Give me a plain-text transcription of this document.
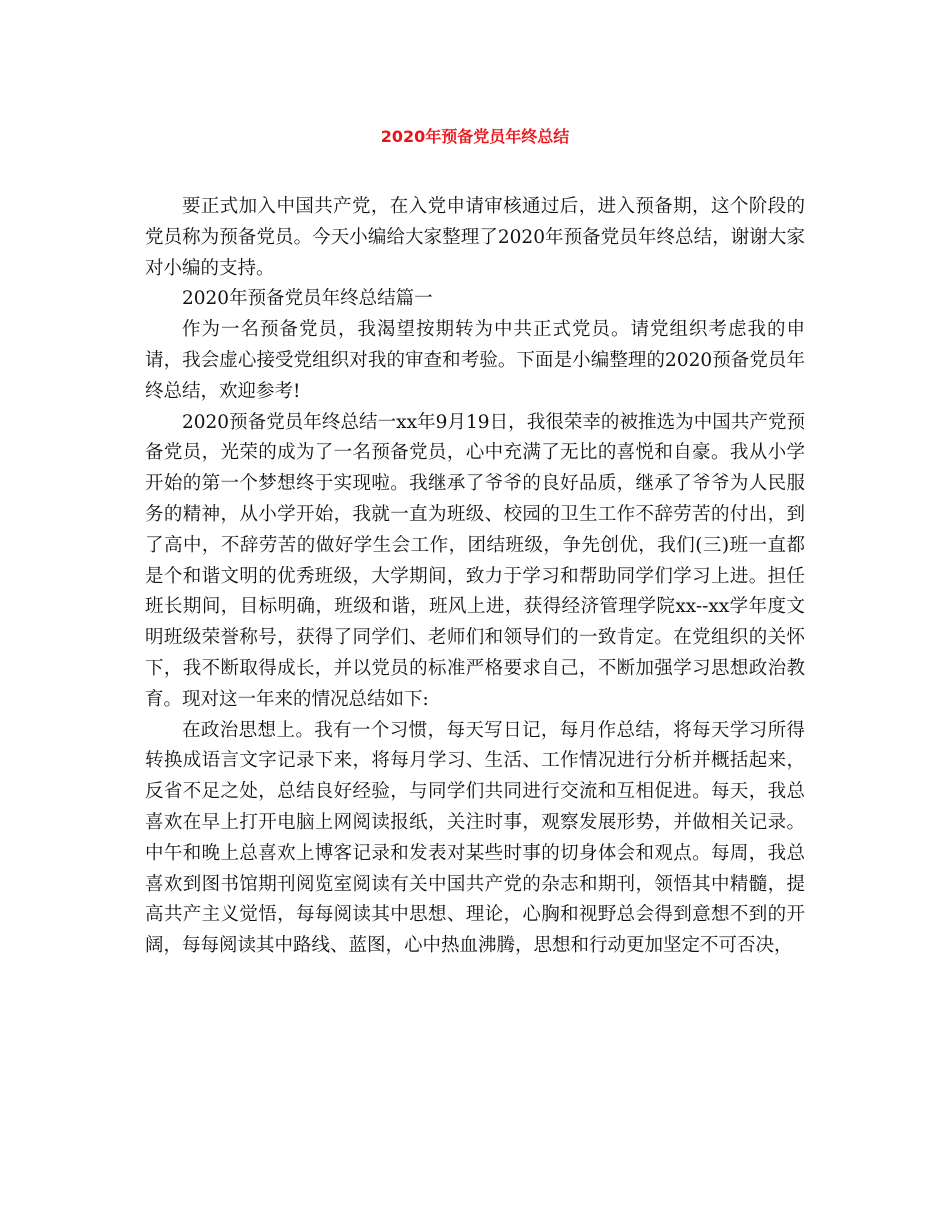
2020年预备党员年终总结

要正式加入中国共产党，在入党申请审核通过后，进入预备期，这个阶段的党员称为预备党员。今天小编给大家整理了2020年预备党员年终总结，谢谢大家对小编的支持。

2020年预备党员年终总结篇一

作为一名预备党员，我渴望按期转为中共正式党员。请党组织考虑我的申请，我会虚心接受党组织对我的审查和考验。下面是小编整理的2020预备党员年终总结，欢迎参考!

2020预备党员年终总结一xx年9月19日，我很荣幸的被推选为中国共产党预备党员，光荣的成为了一名预备党员，心中充满了无比的喜悦和自豪。我从小学开始的第一个梦想终于实现啦。我继承了爷爷的良好品质，继承了爷爷为人民服务的精神，从小学开始，我就一直为班级、校园的卫生工作不辞劳苦的付出，到了高中，不辞劳苦的做好学生会工作，团结班级，争先创优，我们(三)班一直都是个和谐文明的优秀班级，大学期间，致力于学习和帮助同学们学习上进。担任班长期间，目标明确，班级和谐，班风上进，获得经济管理学院xx--xx学年度文明班级荣誉称号，获得了同学们、老师们和领导们的一致肯定。在党组织的关怀下，我不断取得成长，并以党员的标准严格要求自己，不断加强学习思想政治教育。现对这一年来的情况总结如下:

在政治思想上。我有一个习惯，每天写日记，每月作总结，将每天学习所得转换成语言文字记录下来，将每月学习、生活、工作情况进行分析并概括起来，反省不足之处，总结良好经验，与同学们共同进行交流和互相促进。每天，我总喜欢在早上打开电脑上网阅读报纸，关注时事，观察发展形势，并做相关记录。中午和晚上总喜欢上博客记录和发表对某些时事的切身体会和观点。每周，我总喜欢到图书馆期刊阅览室阅读有关中国共产党的杂志和期刊，领悟其中精髓，提高共产主义觉悟，每每阅读其中思想、理论，心胸和视野总会得到意想不到的开阔，每每阅读其中路线、蓝图，心中热血沸腾，思想和行动更加坚定不可否决，
